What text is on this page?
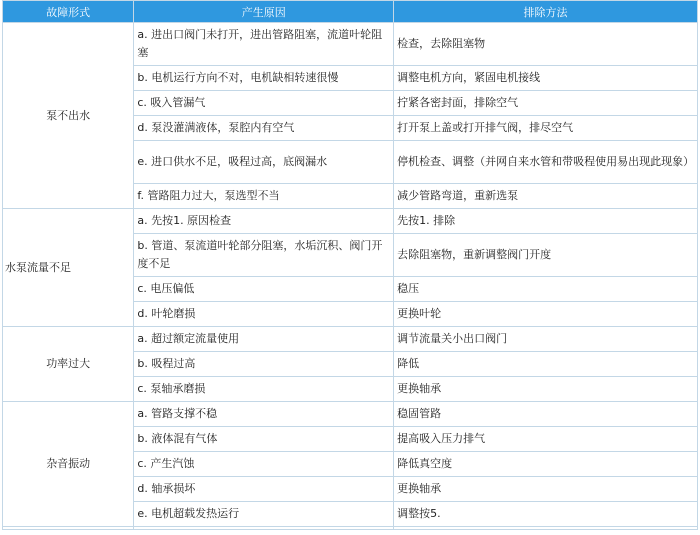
故障形式	产生原因	排除方法
泵不出水	a. 进出口阀门未打开，进出管路阻塞，流道叶轮阻塞	检查，去除阻塞物
	b. 电机运行方向不对，电机缺相转速很慢	调整电机方向，紧固电机接线
	c. 吸入管漏气	拧紧各密封面，排除空气
	d. 泵没灌满液体，泵腔内有空气	打开泵上盖或打开排气阀，排尽空气
	e. 进口供水不足，吸程过高，底阀漏水	停机检查、调整（并网自来水管和带吸程使用易出现此现象）
	f. 管路阻力过大，泵选型不当	减少管路弯道，重新选泵
水泵流量不足	a. 先按1. 原因检查	先按1. 排除
	b. 管道、泵流道叶轮部分阻塞，水垢沉积、阀门开度不足	去除阻塞物，重新调整阀门开度
	c. 电压偏低	稳压
	d. 叶轮磨损	更换叶轮
功率过大	a. 超过额定流量使用	调节流量关小出口阀门
	b. 吸程过高	降低
	c. 泵轴承磨损	更换轴承
杂音振动	a. 管路支撑不稳	稳固管路
	b. 液体混有气体	提高吸入压力排气
	c. 产生汽蚀	降低真空度
	d. 轴承损坏	更换轴承
	e. 电机超载发热运行	调整按5.
